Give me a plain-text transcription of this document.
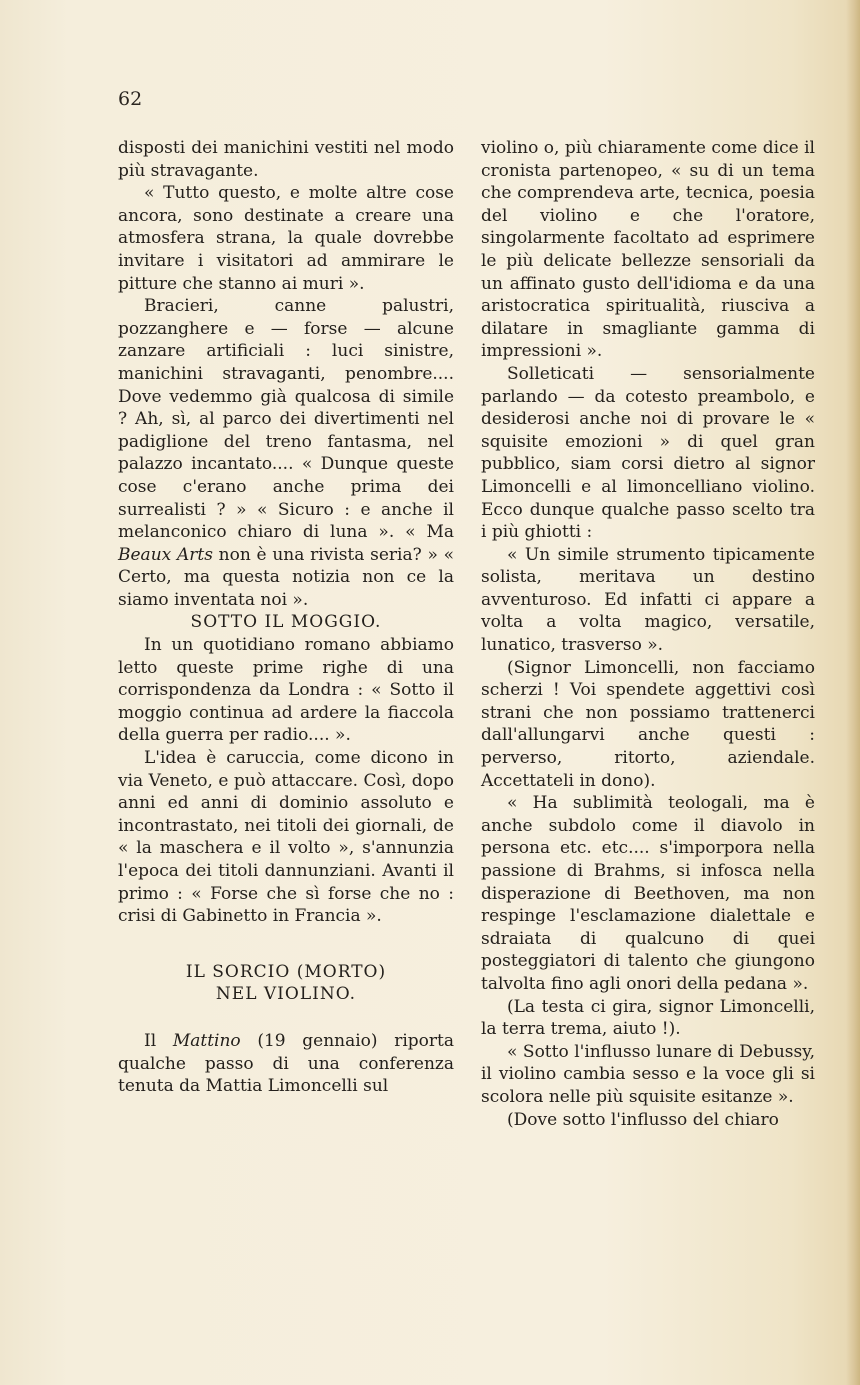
62

disposti dei manichini vestiti nel modo più stravagante.

« Tutto questo, e molte altre cose ancora, sono destinate a creare una atmosfera strana, la quale dovrebbe invitare i visitatori ad ammirare le pitture che stanno ai muri ».

Bracieri, canne palustri, pozzanghere e — forse — alcune zanzare artificiali : luci sinistre, manichini stravaganti, penombre.... Dove vedemmo già qualcosa di simile ? Ah, sì, al parco dei divertimenti nel padiglione del treno fantasma, nel palazzo incantato.... « Dunque queste cose c'erano anche prima dei surrealisti ? » « Sicuro : e anche il melanconico chiaro di luna ». « Ma Beaux Arts non è una rivista seria? » « Certo, ma questa notizia non ce la siamo inventata noi ».

SOTTO IL MOGGIO.

In un quotidiano romano abbiamo letto queste prime righe di una corrispondenza da Londra : « Sotto il moggio continua ad ardere la fiaccola della guerra per radio.... ».

L'idea è caruccia, come dicono in via Veneto, e può attaccare. Così, dopo anni ed anni di dominio assoluto e incontrastato, nei titoli dei giornali, de « la maschera e il volto », s'annunzia l'epoca dei titoli dannunziani. Avanti il primo : « Forse che sì forse che no : crisi di Gabinetto in Francia ».

IL SORCIO (MORTO)
NEL VIOLINO.

Il Mattino (19 gennaio) riporta qualche passo di una conferenza tenuta da Mattia Limoncelli sul

violino o, più chiaramente come dice il cronista partenopeo, « su di un tema che comprendeva arte, tecnica, poesia del violino e che l'oratore, singolarmente facoltato ad esprimere le più delicate bellezze sensoriali da un affinato gusto dell'idioma e da una aristocratica spiritualità, riusciva a dilatare in smagliante gamma di impressioni ».

Solleticati — sensorialmente parlando — da cotesto preambolo, e desiderosi anche noi di provare le « squisite emozioni » di quel gran pubblico, siam corsi dietro al signor Limoncelli e al limoncelliano violino. Ecco dunque qualche passo scelto tra i più ghiotti :

« Un simile strumento tipicamente solista, meritava un destino avventuroso. Ed infatti ci appare a volta a volta magico, versatile, lunatico, trasverso ».

(Signor Limoncelli, non facciamo scherzi ! Voi spendete aggettivi così strani che non possiamo trattenerci dall'allungarvi anche questi : perverso, ritorto, aziendale. Accettateli in dono).

« Ha sublimità teologali, ma è anche subdolo come il diavolo in persona etc. etc.... s'imporpora nella passione di Brahms, si infosca nella disperazione di Beethoven, ma non respinge l'esclamazione dialettale e sdraiata di qualcuno di quei posteggiatori di talento che giungono talvolta fino agli onori della pedana ».

(La testa ci gira, signor Limoncelli, la terra trema, aiuto !).

« Sotto l'influsso lunare di Debussy, il violino cambia sesso e la voce gli si scolora nelle più squisite esitanze ».

(Dove sotto l'influsso del chiaro
